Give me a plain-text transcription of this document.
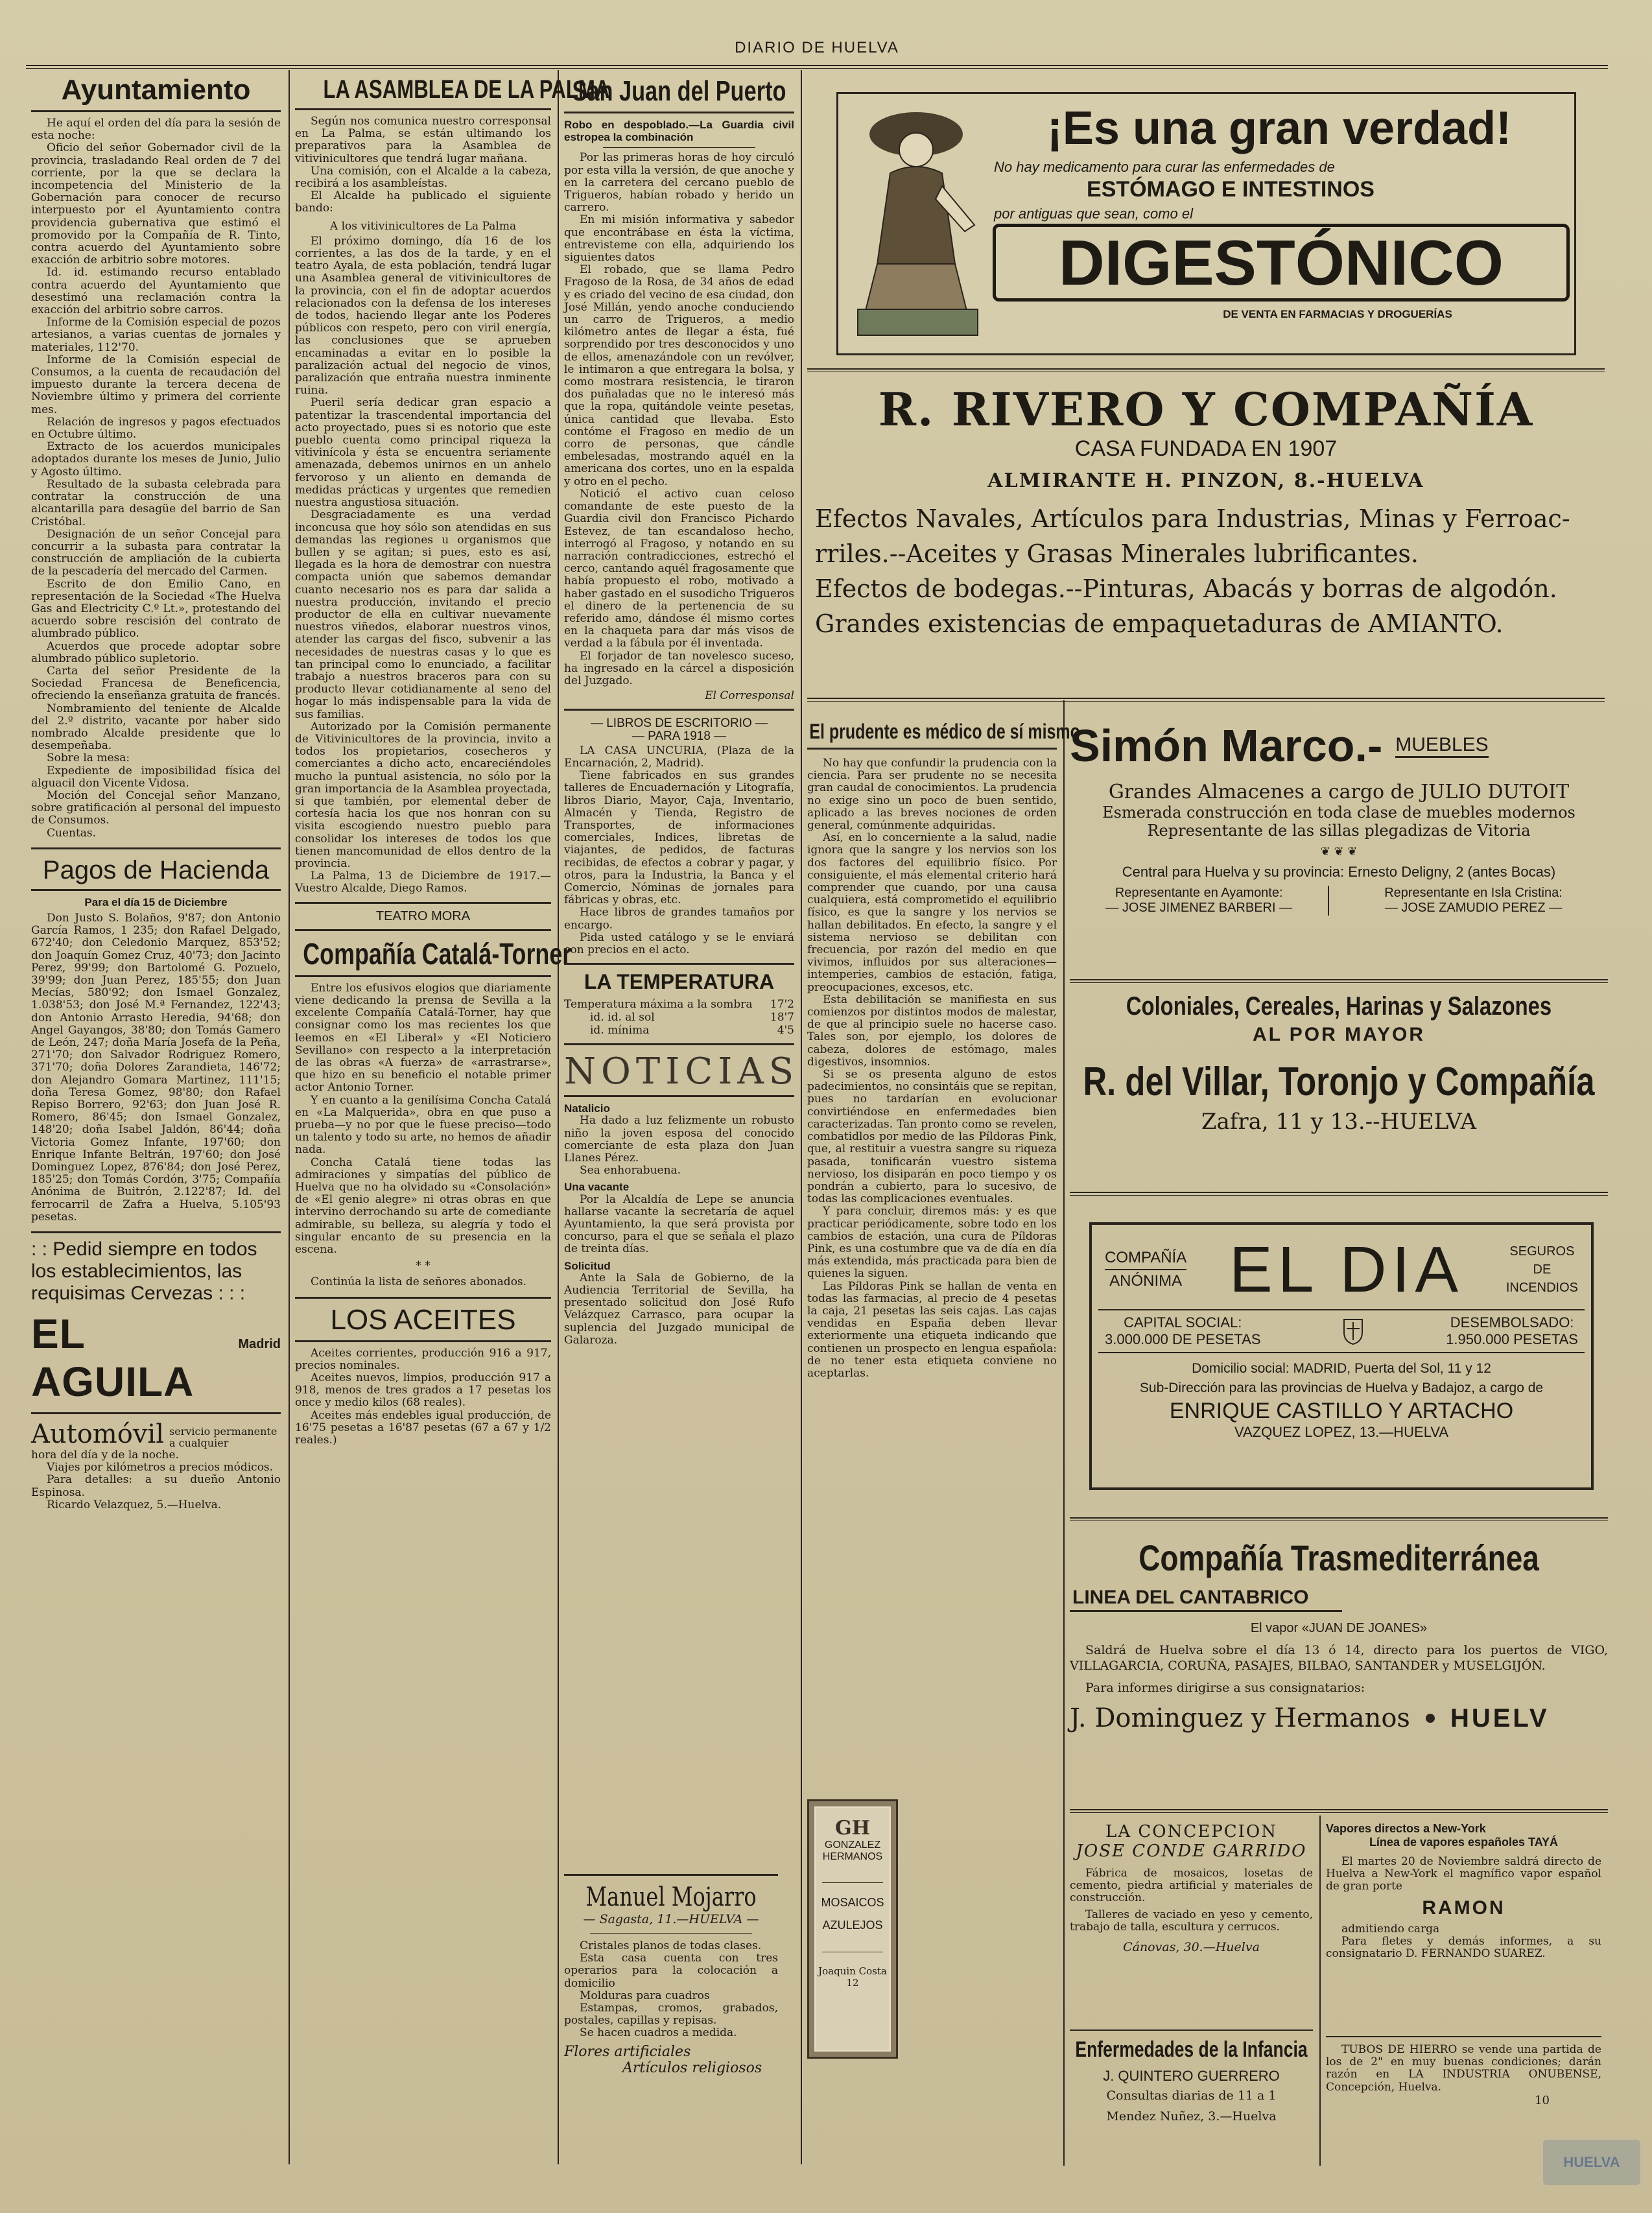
DIARIO DE HUELVA
Ayuntamiento

He aquí el orden del día para la sesión de esta noche:

Oficio del señor Gobernador civil de la provincia, trasladando Real orden de 7 del corriente, por la que se declara la incompetencia del Ministerio de la Gobernación para conocer de recurso interpuesto por el Ayuntamiento contra providencia gubernativa que estimó el promovido por la Compañía de R. Tinto, contra acuerdo del Ayuntamiento sobre exacción de arbitrio sobre motores.

Id. id. estimando recurso entablado contra acuerdo del Ayuntamiento que desestimó una reclamación contra la exacción del arbitrio sobre carros.

Informe de la Comisión especial de pozos artesianos, a varias cuentas de jornales y materiales, 112'70.

Informe de la Comisión especial de Consumos, a la cuenta de recaudación del impuesto durante la tercera decena de Noviembre último y primera del corriente mes.

Relación de ingresos y pagos efectuados en Octubre último.

Extracto de los acuerdos municipales adoptados durante los meses de Junio, Julio y Agosto último.

Resultado de la subasta celebrada para contratar la construcción de una alcantarilla para desagüe del barrio de San Cristóbal.

Designación de un señor Concejal para concurrir a la subasta para contratar la construcción de ampliación de la cubierta de la pescadería del mercado del Carmen.

Escrito de don Emilio Cano, en representación de la Sociedad «The Huelva Gas and Electricity C.º Lt.», protestando del acuerdo sobre rescisión del contrato de alumbrado público.

Acuerdos que procede adoptar sobre alumbrado público supletorio.

Carta del señor Presidente de la Sociedad Francesa de Beneficencia, ofreciendo la enseñanza gratuita de francés.

Nombramiento del teniente de Alcalde del 2.º distrito, vacante por haber sido nombrado Alcalde presidente que lo desempeñaba.

Sobre la mesa:

Expediente de imposibilidad física del alguacil don Vicente Vidosa.

Moción del Concejal señor Manzano, sobre gratificación al personal del impuesto de Consumos.

Cuentas.

Pagos de Hacienda

Para el día 15 de Diciembre

Don Justo S. Bolaños, 9'87; don Antonio García Ramos, 1 235; don Rafael Delgado, 672'40; don Celedonio Marquez, 853'52; don Joaquín Gomez Cruz, 40'73; don Jacinto Perez, 99'99; don Bartolomé G. Pozuelo, 39'99; don Juan Perez, 185'55; don Juan Mecías, 580'92; don Ismael Gonzalez, 1.038'53; don José M.ª Fernandez, 122'43; don Antonio Arrasto Heredia, 94'68; don Angel Gayangos, 38'80; don Tomás Gamero de León, 247; doña María Josefa de la Peña, 271'70; don Salvador Rodriguez Romero, 371'70; doña Dolores Zarandieta, 146'72; don Alejandro Gomara Martinez, 111'15; doña Teresa Gomez, 98'80; don Rafael Repiso Borrero, 92'63; don Juan José R. Romero, 86'45; don Ismael Gonzalez, 148'20; doña Isabel Jaldón, 86'44; doña Victoria Gomez Infante, 197'60; don Enrique Infante Beltrán, 197'60; don José Dominguez Lopez, 876'84; don José Perez, 185'25; don Tomás Cordón, 3'75; Compañía Anónima de Buitrón, 2.122'87; Id. del ferrocarril de Zafra a Huelva, 5.105'93 pesetas.

: : Pedid siempre en todos
los establecimientos, las
requisimas Cervezas : : :
EL AGUILA
Madrid
Automóvil servicio permanente a cualquier

hora del día y de la noche.

Viajes por kilómetros a precios módicos.

Para detalles: a su dueño Antonio Espinosa.

Ricardo Velazquez, 5.—Huelva.

LA ASAMBLEA DE LA PALMA

Según nos comunica nuestro corresponsal en La Palma, se están ultimando los preparativos para la Asamblea de vitivinicultores que tendrá lugar mañana.

Una comisión, con el Alcalde a la cabeza, recibirá a los asambleístas.

El Alcalde ha publicado el siguiente bando:

A los vitivinicultores de La Palma

El próximo domingo, día 16 de los corrientes, a las dos de la tarde, y en el teatro Ayala, de esta población, tendrá lugar una Asamblea general de vitivinicultores de la provincia, con el fin de adoptar acuerdos relacionados con la defensa de los intereses de todos, haciendo llegar ante los Poderes públicos con respeto, pero con viril energía, las conclusiones que se aprueben encaminadas a evitar en lo posible la paralización actual del negocio de vinos, paralización que entraña nuestra inminente ruina.

Pueril sería dedicar gran espacio a patentizar la trascendental importancia del acto proyectado, pues si es notorio que este pueblo cuenta como principal riqueza la vitivinícola y ésta se encuentra seriamente amenazada, debemos unirnos en un anhelo fervoroso y un aliento en demanda de medidas prácticas y urgentes que remedien nuestra angustiosa situación.

Desgraciadamente es una verdad inconcusa que hoy sólo son atendidas en sus demandas las regiones u organismos que bullen y se agitan; si pues, esto es así, llegada es la hora de demostrar con nuestra compacta unión que sabemos demandar cuanto necesario nos es para dar salida a nuestra producción, invitando el precio productor de ella en cultivar nuevamente nuestros viñedos, elaborar nuestros vinos, atender las cargas del fisco, subvenir a las necesidades de nuestras casas y lo que es tan principal como lo enunciado, a facilitar trabajo a nuestros braceros para con su producto llevar cotidianamente al seno del hogar lo más indispensable para la vida de sus familias.

Autorizado por la Comisión permanente de Vitivinicultores de la provincia, invito a todos los propietarios, cosecheros y comerciantes a dicho acto, encareciéndoles mucho la puntual asistencia, no sólo por la gran importancia de la Asamblea proyectada, si que también, por elemental deber de cortesía hacia los que nos honran con su visita escogiendo nuestro pueblo para consolidar los intereses de todos los que tienen mancomunidad de ellos dentro de la provincia.

La Palma, 13 de Diciembre de 1917.—Vuestro Alcalde, Diego Ramos.

TEATRO MORA

Compañía Catalá-Torner

Entre los efusivos elogios que diariamente viene dedicando la prensa de Sevilla a la excelente Compañía Catalá-Torner, hay que consignar como los mas recientes los que leemos en «El Liberal» y «El Noticiero Sevillano» con respecto a la interpretación de las obras «A fuerza» de «arrastrarse», que hizo en su beneficio el notable primer actor Antonio Torner.

Y en cuanto a la genilísima Concha Catalá en «La Malquerida», obra en que puso a prueba—y no por que le fuese preciso—todo un talento y todo su arte, no hemos de añadir nada.

Concha Catalá tiene todas las admiraciones y simpatías del público de Huelva que no ha olvidado su «Consolación» de «El genio alegre» ni otras obras en que intervino derrochando su arte de comediante admirable, su belleza, su alegría y todo el singular encanto de su presencia en la escena.

* *

Continúa la lista de señores abonados.

LOS ACEITES

Aceites corrientes, producción 916 a 917, precios nominales.

Aceites nuevos, limpios, producción 917 a 918, menos de tres grados a 17 pesetas los once y medio kilos (68 reales).

Aceites más endebles igual producción, de 16'75 pesetas a 16'87 pesetas (67 a 67 y 1/2 reales.)

San Juan del Puerto

Robo en despoblado.—La Guardia civil estropea la combinación

Por las primeras horas de hoy circuló por esta villa la versión, de que anoche y en la carretera del cercano pueblo de Trigueros, habían robado y herido un carrero.

En mi misión informativa y sabedor que encontrábase en ésta la víctima, entrevisteme con ella, adquiriendo los siguientes datos

El robado, que se llama Pedro Fragoso de la Rosa, de 34 años de edad y es criado del vecino de esa ciudad, don José Millán, yendo anoche conduciendo un carro de Trigueros, a medio kilómetro antes de llegar a ésta, fué sorprendido por tres desconocidos y uno de ellos, amenazándole con un revólver, le intimaron a que entregara la bolsa, y como mostrara resistencia, le tiraron dos puñaladas que no le interesó más que la ropa, quitándole veinte pesetas, única cantidad que llevaba. Esto contóme el Fragoso en medio de un corro de personas, que cándle embelesadas, mostrando aquél en la americana dos cortes, uno en la espalda y otro en el pecho.

Notició el activo cuan celoso comandante de este puesto de la Guardia civil don Francisco Pichardo Estevez, de tan escandaloso hecho, interrogó al Fragoso, y notando en su narración contradicciones, estrechó el cerco, cantando aquél fragosamente que había propuesto el robo, motivado a haber gastado en el susodicho Trigueros el dinero de la pertenencia de su referido amo, dándose él mismo cortes en la chaqueta para dar más visos de verdad a la fábula por él inventada.

El forjador de tan novelesco suceso, ha ingresado en la cárcel a disposición del Juzgado.

El Corresponsal

— LIBROS DE ESCRITORIO —

— PARA 1918 —

LA CASA UNCURIA, (Plaza de la Encarnación, 2, Madrid).

Tiene fabricados en sus grandes talleres de Encuadernación y Litografía, libros Diario, Mayor, Caja, Inventario, Almacén y Tienda, Registro de Transportes, de informaciones comerciales, Indices, libretas de viajantes, de pedidos, de facturas recibidas, de efectos a cobrar y pagar, y otros, para la Industria, la Banca y el Comercio, Nóminas de jornales para fábricas y obras, etc.

Hace libros de grandes tamaños por encargo.

Pida usted catálogo y se le enviará con precios en el acto.

LA TEMPERATURA
Temperatura máxima a la sombra 17'2
id. id. al sol	18'7
id. mínima	4'5
NOTICIAS

Natalicio

Ha dado a luz felizmente un robusto niño la joven esposa del conocido comerciante de esta plaza don Juan Llanes Pérez.

Sea enhorabuena.

Una vacante

Por la Alcaldía de Lepe se anuncia hallarse vacante la secretaría de aquel Ayuntamiento, la que será provista por concurso, para el que se señala el plazo de treinta días.

Solicitud

Ante la Sala de Gobierno, de la Audiencia Territorial de Sevilla, ha presentado solicitud don José Rufo Velázquez Carrasco, para ocupar la suplencia del Juzgado municipal de Galaroza.

GH
GONZALEZ
HERMANOS
MOSAICOS
AZULEJOS
Joaquin Costa 12
Manuel Mojarro
— Sagasta, 11.—HUELVA —

Cristales planos de todas clases.

Esta casa cuenta con tres operarios para la colocación a domicilio

Molduras para cuadros

Estampas, cromos, grabados, postales, capillas y repisas.

Se hacen cuadros a medida.

Flores artificiales
Artículos religiosos
¡Es una gran verdad!
No hay medicamento para curar las enfermedades de
ESTÓMAGO E INTESTINOS
por antiguas que sean, como el
DIGESTÓNICO
DE VENTA EN FARMACIAS Y DROGUERÍAS
R. RIVERO Y COMPAÑÍA
CASA FUNDADA EN 1907
ALMIRANTE H. PINZON, 8.-HUELVA
Efectos Navales, Artículos para Industrias, Minas y Ferroac-
rriles.--Aceites y Grasas Minerales lubrificantes.
Efectos de bodegas.--Pinturas, Abacás y borras de algodón.
Grandes existencias de empaquetaduras de AMIANTO.
El prudente es médico de sí mismo

No hay que confundir la prudencia con la ciencia. Para ser prudente no se necesita gran caudal de conocimientos. La prudencia no exige sino un poco de buen sentido, aplicado a las breves nociones de orden general, comúnmente adquiridas.

Así, en lo concerniente a la salud, nadie ignora que la sangre y los nervios son los dos factores del equilibrio físico. Por consiguiente, el más elemental criterio hará comprender que cuando, por una causa cualquiera, está comprometido el equilibrio físico, es que la sangre y los nervios se hallan debilitados. En efecto, la sangre y el sistema nervioso se debilitan con frecuencia, por razón del medio en que vivimos, influidos por sus alteraciones—intemperies, cambios de estación, fatiga, preocupaciones, excesos, etc.

Esta debilitación se manifiesta en sus comienzos por distintos modos de malestar, de que al principio suele no hacerse caso. Tales son, por ejemplo, los dolores de cabeza, dolores de estómago, males digestivos, insomnios.

Si se os presenta alguno de estos padecimientos, no consintáis que se repitan, pues no tardarían en evolucionar convirtiéndose en enfermedades bien caracterizadas. Tan pronto como se revelen, combatidlos por medio de las Píldoras Pink, que, al restituir a vuestra sangre su riqueza pasada, tonificarán vuestro sistema nervioso, los disiparán en poco tiempo y os pondrán a cubierto, para lo sucesivo, de todas las complicaciones eventuales.

Y para concluir, diremos más: y es que practicar periódicamente, sobre todo en los cambios de estación, una cura de Píldoras Pink, es una costumbre que va de día en día más extendida, más practicada para bien de quienes la siguen.

Las Píldoras Pink se hallan de venta en todas las farmacias, al precio de 4 pesetas la caja, 21 pesetas las seis cajas. Las cajas vendidas en España deben llevar exteriormente una etiqueta indicando que contienen un prospecto en lengua española: de no tener esta etiqueta conviene no aceptarlas.

Simón Marco.- MUEBLES
Grandes Almacenes a cargo de JULIO DUTOIT
Esmerada construcción en toda clase de muebles modernos
Representante de las sillas plegadizas de Vitoria
❦ ❦ ❦
Central para Huelva y su provincia: Ernesto Deligny, 2 (antes Bocas)
Representante en Ayamonte:
— JOSE JIMENEZ BARBERI —
Representante en Isla Cristina:
— JOSE ZAMUDIO PEREZ —
Coloniales, Cereales, Harinas y Salazones
AL POR MAYOR
R. del Villar, Toronjo y Compañía
Zafra, 11 y 13.--HUELVA
COMPAÑÍA
ANÓNIMA EL DIA	SEGUROS
DE
INCENDIOS
CAPITAL SOCIAL:
3.000.000 DE PESETAS
DESEMBOLSADO:
1.950.000 PESETAS
Domicilio social: MADRID, Puerta del Sol, 11 y 12
Sub-Dirección para las provincias de Huelva y Badajoz, a cargo de
ENRIQUE CASTILLO Y ARTACHO
VAZQUEZ LOPEZ, 13.—HUELVA
Compañía Trasmediterránea
LINEA DEL CANTABRICO
El vapor «JUAN DE JOANES»

Saldrá de Huelva sobre el día 13 ó 14, directo para los puertos de VIGO, VILLAGARCIA, CORUÑA, PASAJES, BILBAO, SANTANDER y MUSELGIJÓN.

Para informes dirigirse a sus consignatarios:

J. Dominguez y Hermanos HUELV
LA CONCEPCION
JOSE CONDE GARRIDO

Fábrica de mosaicos, losetas de cemento, piedra artificial y materiales de construcción.

Talleres de vaciado en yeso y cemento, trabajo de talla, escultura y cerrucos.

Cánovas, 30.—Huelva
Enfermedades de la Infancia
J. QUINTERO GUERRERO
Consultas diarias de 11 a 1
Mendez Nuñez, 3.—Huelva
Vapores directos a New-York
Línea de vapores españoles TAYÁ

El martes 20 de Noviembre saldrá directo de Huelva a New-York el magnífico vapor español de gran porte

RAMON

admitiendo carga

Para fletes y demás informes, a su consignatario D. FERNANDO SUAREZ.

TUBOS DE HIERRO se vende una partida de los de 2" en muy buenas condiciones; darán razón en LA INDUSTRIA ONUBENSE, Concepción, Huelva.

10
HUELVA
